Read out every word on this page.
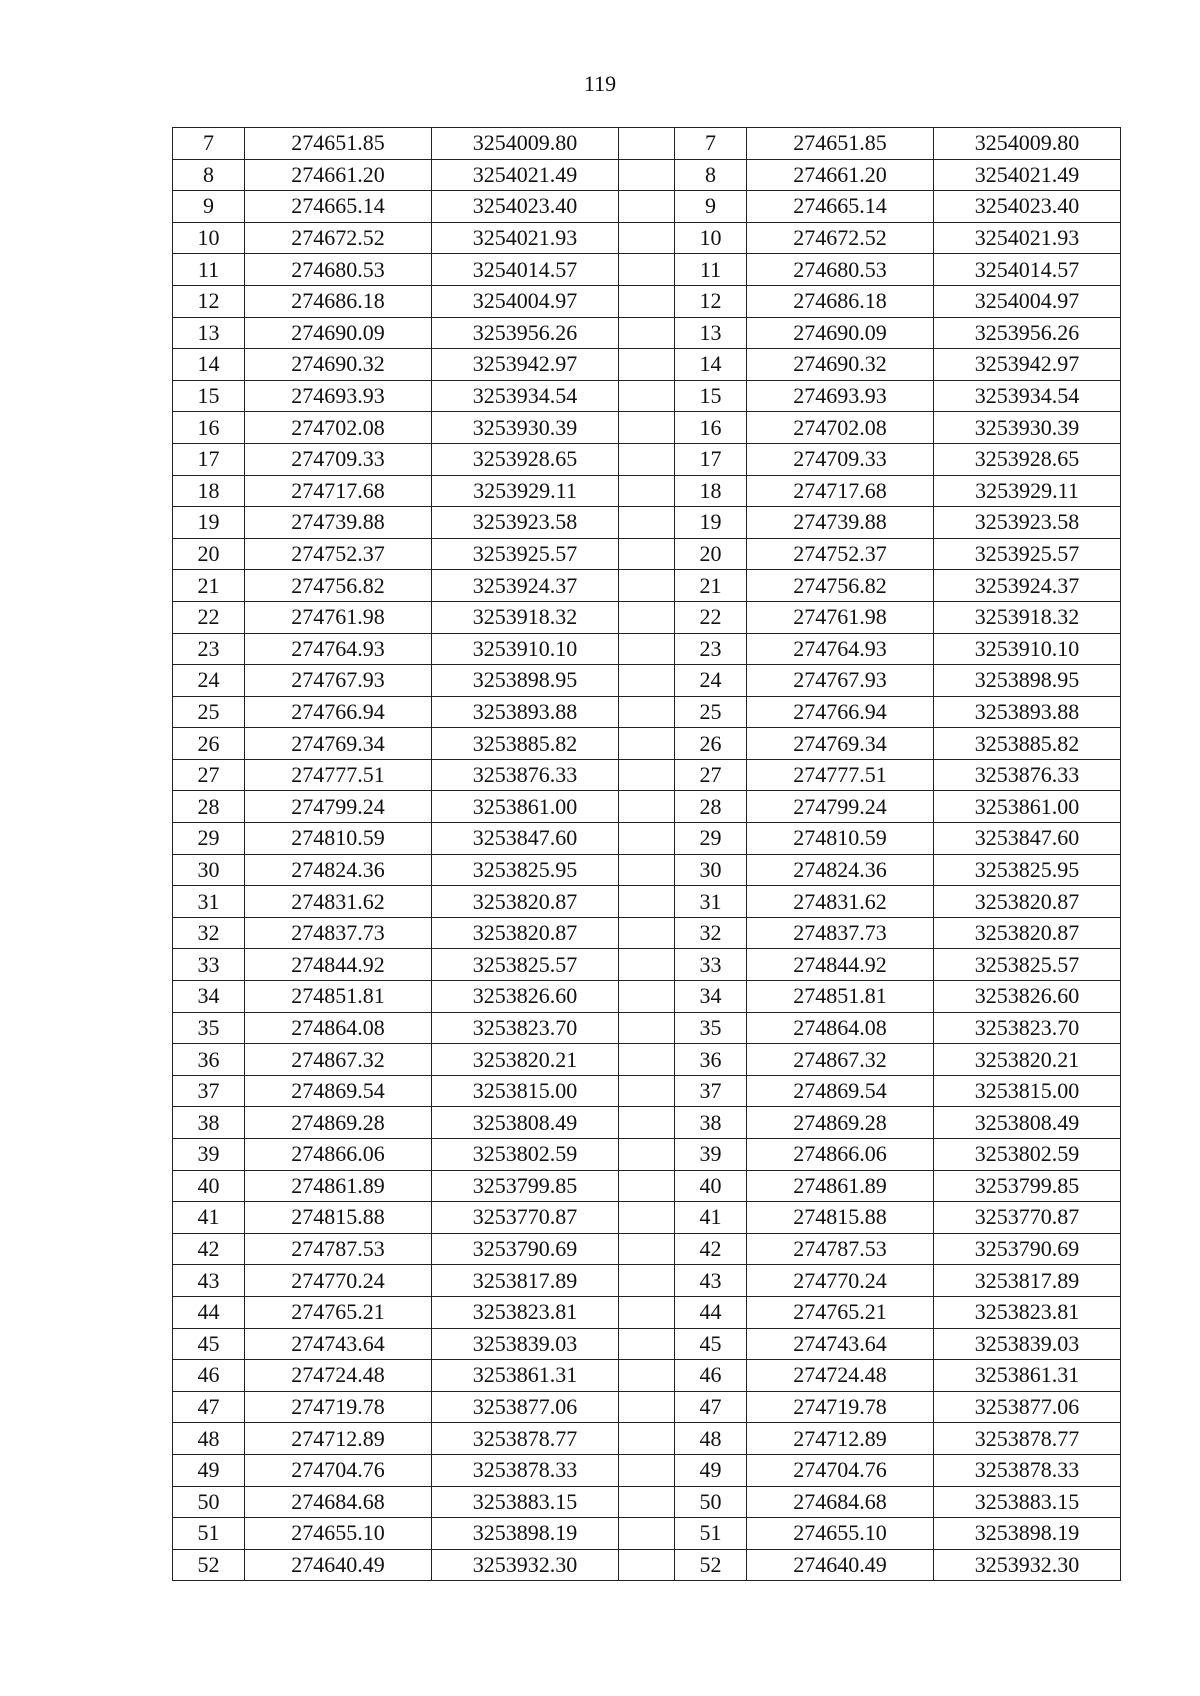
119
7	274651.85	3254009.80		7	274651.85	3254009.80
8	274661.20	3254021.49		8	274661.20	3254021.49
9	274665.14	3254023.40		9	274665.14	3254023.40
10	274672.52	3254021.93		10	274672.52	3254021.93
11	274680.53	3254014.57		11	274680.53	3254014.57
12	274686.18	3254004.97		12	274686.18	3254004.97
13	274690.09	3253956.26		13	274690.09	3253956.26
14	274690.32	3253942.97		14	274690.32	3253942.97
15	274693.93	3253934.54		15	274693.93	3253934.54
16	274702.08	3253930.39		16	274702.08	3253930.39
17	274709.33	3253928.65		17	274709.33	3253928.65
18	274717.68	3253929.11		18	274717.68	3253929.11
19	274739.88	3253923.58		19	274739.88	3253923.58
20	274752.37	3253925.57		20	274752.37	3253925.57
21	274756.82	3253924.37		21	274756.82	3253924.37
22	274761.98	3253918.32		22	274761.98	3253918.32
23	274764.93	3253910.10		23	274764.93	3253910.10
24	274767.93	3253898.95		24	274767.93	3253898.95
25	274766.94	3253893.88		25	274766.94	3253893.88
26	274769.34	3253885.82		26	274769.34	3253885.82
27	274777.51	3253876.33		27	274777.51	3253876.33
28	274799.24	3253861.00		28	274799.24	3253861.00
29	274810.59	3253847.60		29	274810.59	3253847.60
30	274824.36	3253825.95		30	274824.36	3253825.95
31	274831.62	3253820.87		31	274831.62	3253820.87
32	274837.73	3253820.87		32	274837.73	3253820.87
33	274844.92	3253825.57		33	274844.92	3253825.57
34	274851.81	3253826.60		34	274851.81	3253826.60
35	274864.08	3253823.70		35	274864.08	3253823.70
36	274867.32	3253820.21		36	274867.32	3253820.21
37	274869.54	3253815.00		37	274869.54	3253815.00
38	274869.28	3253808.49		38	274869.28	3253808.49
39	274866.06	3253802.59		39	274866.06	3253802.59
40	274861.89	3253799.85		40	274861.89	3253799.85
41	274815.88	3253770.87		41	274815.88	3253770.87
42	274787.53	3253790.69		42	274787.53	3253790.69
43	274770.24	3253817.89		43	274770.24	3253817.89
44	274765.21	3253823.81		44	274765.21	3253823.81
45	274743.64	3253839.03		45	274743.64	3253839.03
46	274724.48	3253861.31		46	274724.48	3253861.31
47	274719.78	3253877.06		47	274719.78	3253877.06
48	274712.89	3253878.77		48	274712.89	3253878.77
49	274704.76	3253878.33		49	274704.76	3253878.33
50	274684.68	3253883.15		50	274684.68	3253883.15
51	274655.10	3253898.19		51	274655.10	3253898.19
52	274640.49	3253932.30		52	274640.49	3253932.30
